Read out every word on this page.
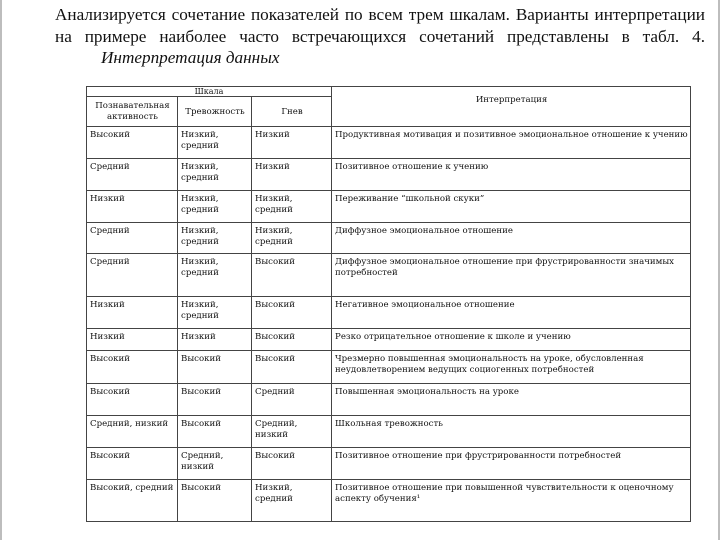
Анализируется сочетание показателей по всем трем шкалам. Варианты интерпретации на примере наиболее часто встречающихся сочетаний представлены в табл. 4. Интерпретация данных

Шкала			Интерпретация
Познавательная активность	Тревожность	Гнев	
Высокий	Низкий, средний	Низкий	Продуктивная мотивация и позитивное эмоциональное отношение к учению
Средний	Низкий, средний	Низкий	Позитивное отношение к учению
Низкий	Низкий, средний	Низкий, средний	Переживание “школьной скуки”
Средний	Низкий, средний	Низкий, средний	Диффузное эмоциональное отношение
Средний	Низкий, средний	Высокий	Диффузное эмоциональное отношение при фрустрированности значимых потребностей
Низкий	Низкий, средний	Высокий	Негативное эмоциональное отношение
Низкий	Низкий	Высокий	Резко отрицательное отношение к школе и учению
Высокий	Высокий	Высокий	Чрезмерно повышенная эмоциональность на уроке, обусловленная неудовлетворением ведущих социогенных потребностей
Высокий	Высокий	Средний	Повышенная эмоциональность на уроке
Средний, низкий	Высокий	Средний, низкий	Школьная тревожность
Высокий	Средний, низкий	Высокий	Позитивное отношение при фрустрированности потребностей
Высокий, средний	Высокий	Низкий, средний	Позитивное отношение при повышенной чувствительности к оценочному аспекту обучения¹
